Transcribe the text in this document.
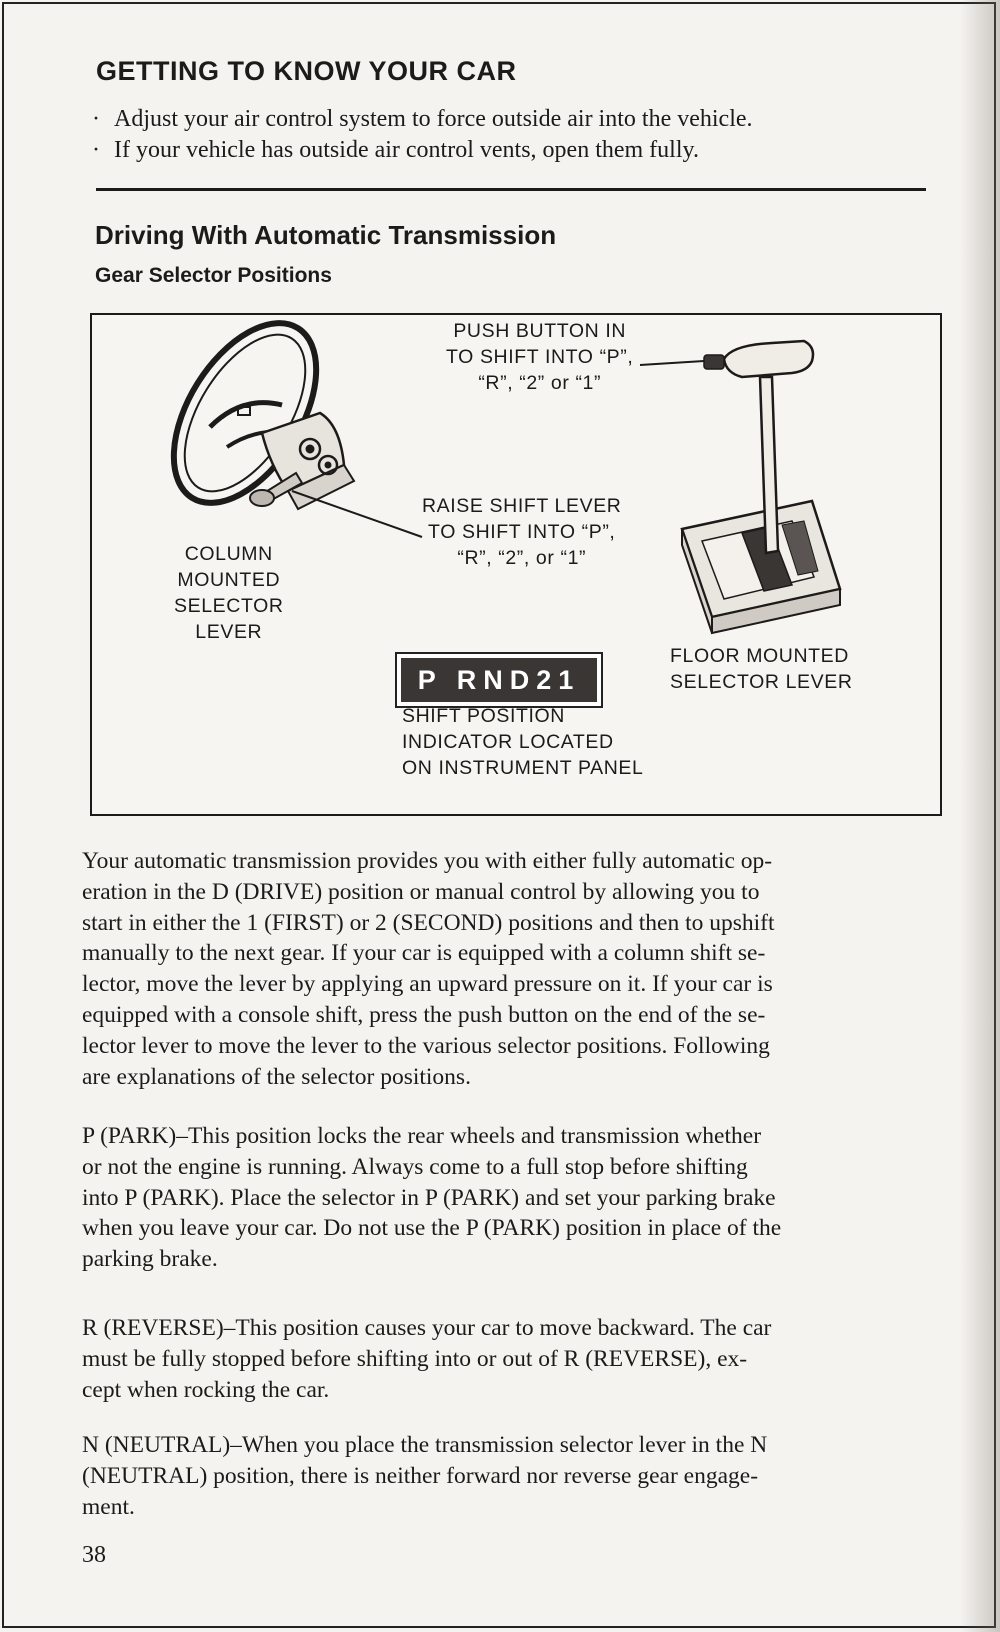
GETTING TO KNOW YOUR CAR
· Adjust your air control system to force outside air into the vehicle.
· If your vehicle has outside air control vents, open them fully.
Driving With Automatic Transmission
Gear Selector Positions
PUSH BUTTON IN
TO SHIFT INTO “P”,
“R”, “2” or “1”
RAISE SHIFT LEVER
TO SHIFT INTO “P”,
“R”, “2”, or “1”
COLUMN
MOUNTED
SELECTOR
LEVER
P RND21
FLOOR MOUNTED
SELECTOR LEVER
SHIFT POSITION
INDICATOR LOCATED
ON INSTRUMENT PANEL
Your automatic transmission provides you with either fully automatic op-
eration in the D (DRIVE) position or manual control by allowing you to
start in either the 1 (FIRST) or 2 (SECOND) positions and then to upshift
manually to the next gear. If your car is equipped with a column shift se-
lector, move the lever by applying an upward pressure on it. If your car is
equipped with a console shift, press the push button on the end of the se-
lector lever to move the lever to the various selector positions. Following
are explanations of the selector positions.
P (PARK)–This position locks the rear wheels and transmission whether
or not the engine is running. Always come to a full stop before shifting
into P (PARK). Place the selector in P (PARK) and set your parking brake
when you leave your car. Do not use the P (PARK) position in place of the
parking brake.
R (REVERSE)–This position causes your car to move backward. The car
must be fully stopped before shifting into or out of R (REVERSE), ex-
cept when rocking the car.
N (NEUTRAL)–When you place the transmission selector lever in the N
(NEUTRAL) position, there is neither forward nor reverse gear engage-
ment.
38
